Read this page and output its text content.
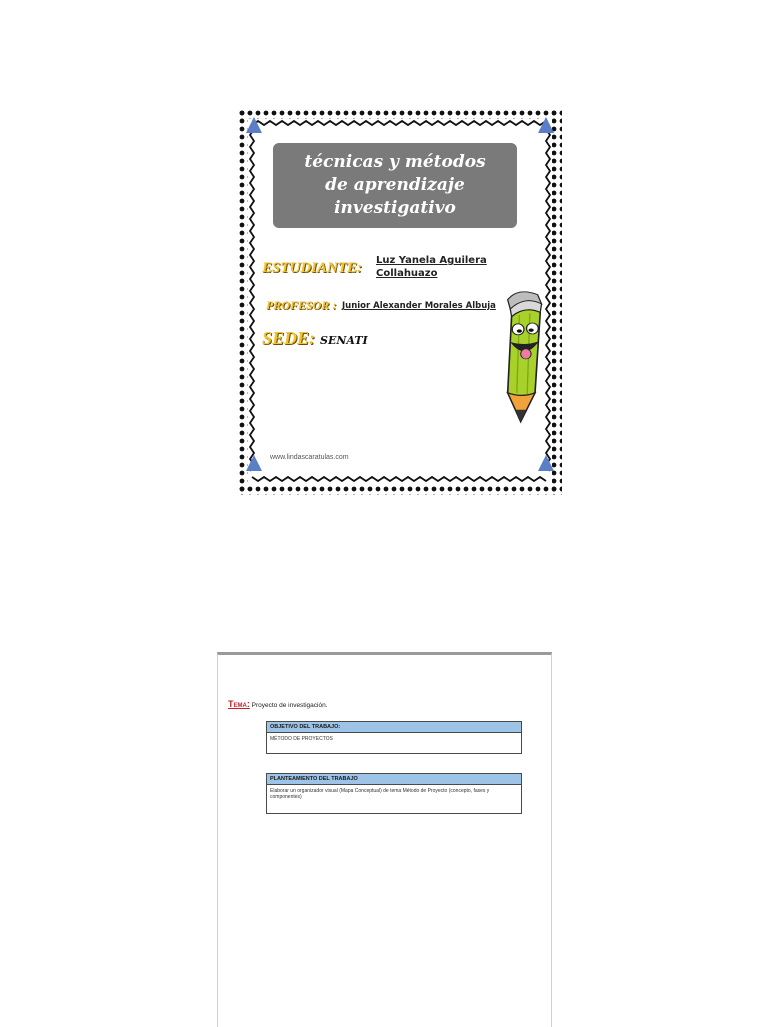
técnicas y métodos
de aprendizaje
investigativo
ESTUDIANTE: Luz Yanela Aguilera
Collahuazo
PROFESOR : Junior Alexander Morales Albuja
SEDE: SENATI
www.lindascaratulas.com
Tema: Proyecto de investigación.
OBJETIVO DEL TRABAJO:
MÉTODO DE PROYECTOS
PLANTEAMIENTO DEL TRABAJO
Elaborar un organizador visual (Mapa Conceptual) de tema Método de Proyecto (concepto, fases y componentes)
